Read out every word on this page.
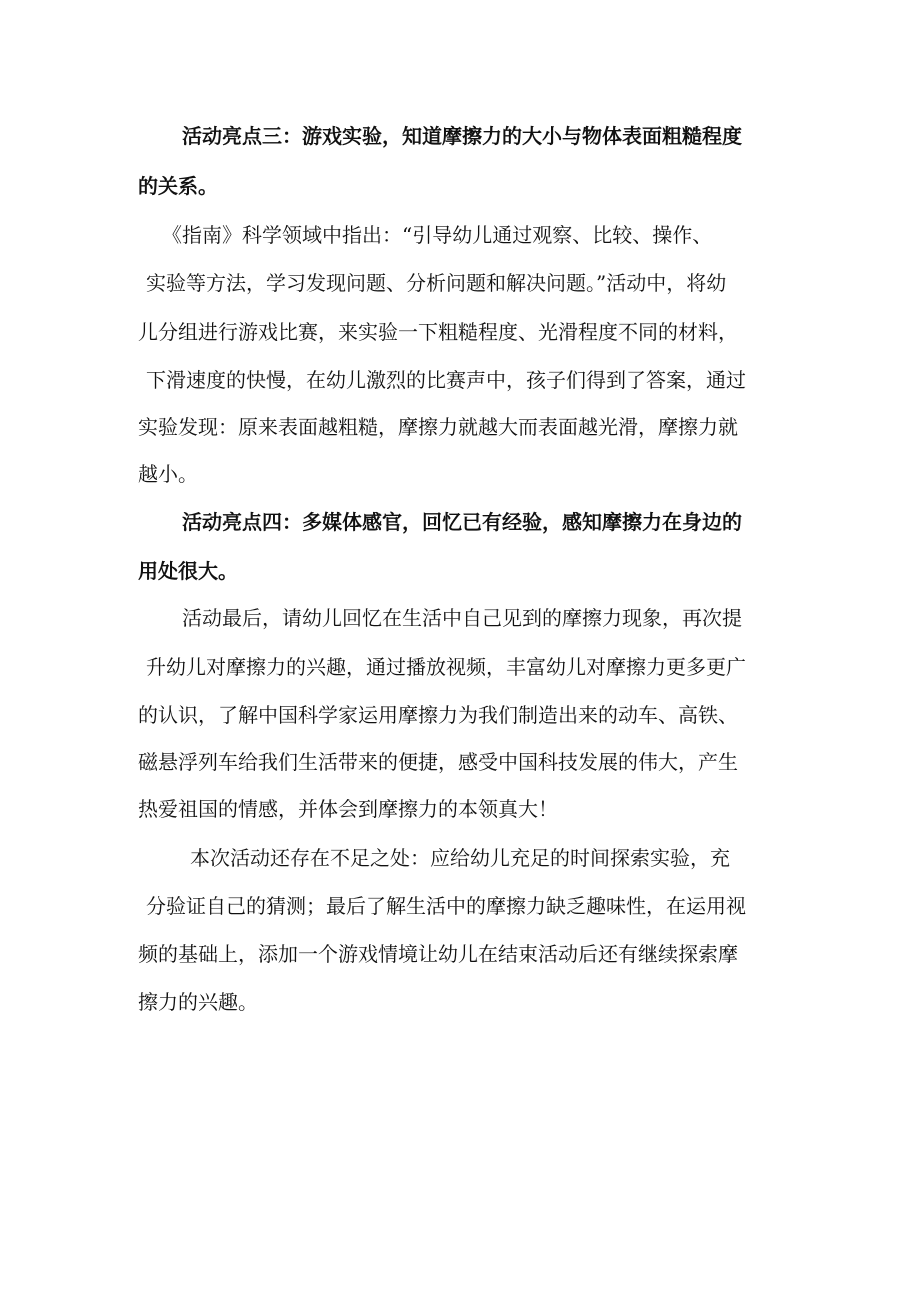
活动亮点三：游戏实验，知道摩擦力的大小与物体表面粗糙程度
的关系。
《指南》科学领域中指出：“引导幼儿通过观察、比较、操作、
实验等方法，学习发现问题、分析问题和解决问题。”活动中，将幼
儿分组进行游戏比赛，来实验一下粗糙程度、光滑程度不同的材料，
下滑速度的快慢，在幼儿激烈的比赛声中，孩子们得到了答案，通过
实验发现：原来表面越粗糙，摩擦力就越大而表面越光滑，摩擦力就
越小。
活动亮点四：多媒体感官，回忆已有经验，感知摩擦力在身边的
用处很大。
活动最后，请幼儿回忆在生活中自己见到的摩擦力现象，再次提
升幼儿对摩擦力的兴趣，通过播放视频，丰富幼儿对摩擦力更多更广
的认识，了解中国科学家运用摩擦力为我们制造出来的动车、高铁、
磁悬浮列车给我们生活带来的便捷，感受中国科技发展的伟大，产生
热爱祖国的情感，并体会到摩擦力的本领真大！
本次活动还存在不足之处：应给幼儿充足的时间探索实验，充
分验证自己的猜测；最后了解生活中的摩擦力缺乏趣味性，在运用视
频的基础上，添加一个游戏情境让幼儿在结束活动后还有继续探索摩
擦力的兴趣。
